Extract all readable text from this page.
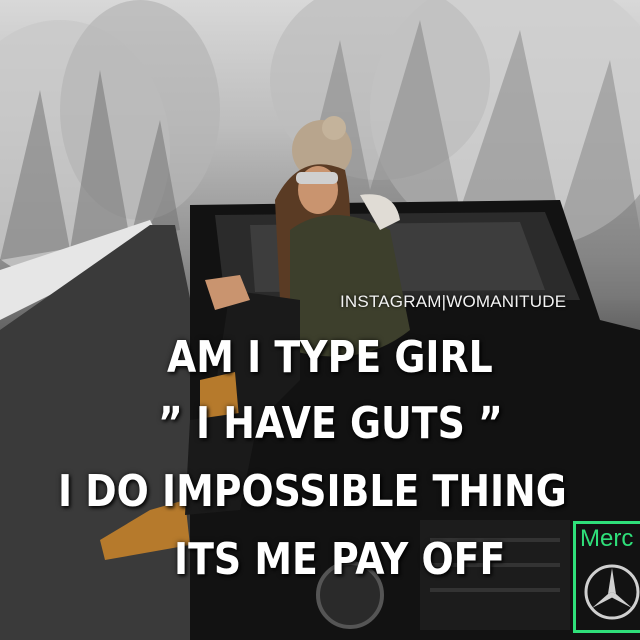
INSTAGRAM|WOMANITUDE
AM I TYPE GIRL
” I HAVE GUTS ”
I DO IMPOSSIBLE THING
ITS ME PAY OFF	Merc
